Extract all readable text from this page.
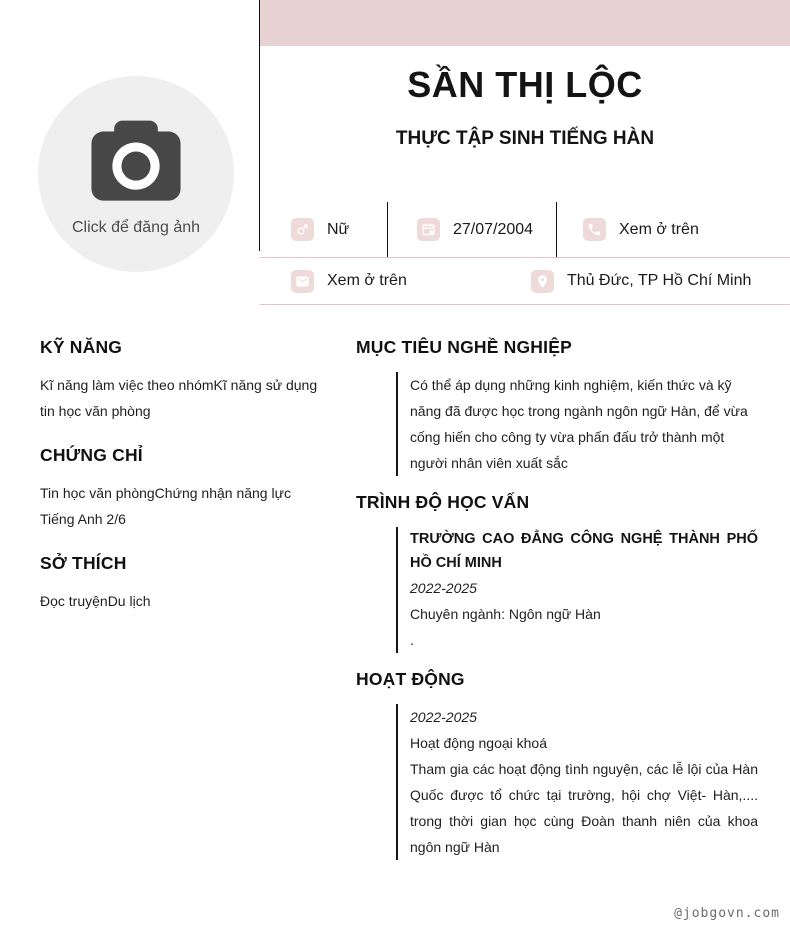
Click để đăng ảnh
SẦN THỊ LỘC
THỰC TẬP SINH TIẾNG HÀN
Nữ	27/07/2004	Xem ở trên
Xem ở trên	Thủ Đức, TP Hồ Chí Minh
KỸ NĂNG

Kĩ năng làm việc theo nhómKĩ năng sử dụng tin học văn phòng

CHỨNG CHỈ

Tin học văn phòngChứng nhận năng lực Tiếng Anh 2/6

SỞ THÍCH

Đọc truyệnDu lịch

MỤC TIÊU NGHỀ NGHIỆP

Có thể áp dụng những kinh nghiệm, kiến thức và kỹ năng đã được học trong ngành ngôn ngữ Hàn, để vừa cống hiến cho công ty vừa phấn đấu trở thành một người nhân viên xuất sắc

TRÌNH ĐỘ HỌC VẤN

TRƯỜNG CAO ĐẲNG CÔNG NGHỆ THÀNH PHỐ HỒ CHÍ MINH

2022-2025

Chuyên ngành: Ngôn ngữ Hàn

.

HOẠT ĐỘNG

2022-2025

Hoạt động ngoại khoá

Tham gia các hoạt động tình nguyện, các lễ lội của Hàn Quốc được tổ chức tại trường, hội chợ Việt- Hàn,.... trong thời gian học cùng Đoàn thanh niên của khoa ngôn ngữ Hàn

@jobgovn.com
